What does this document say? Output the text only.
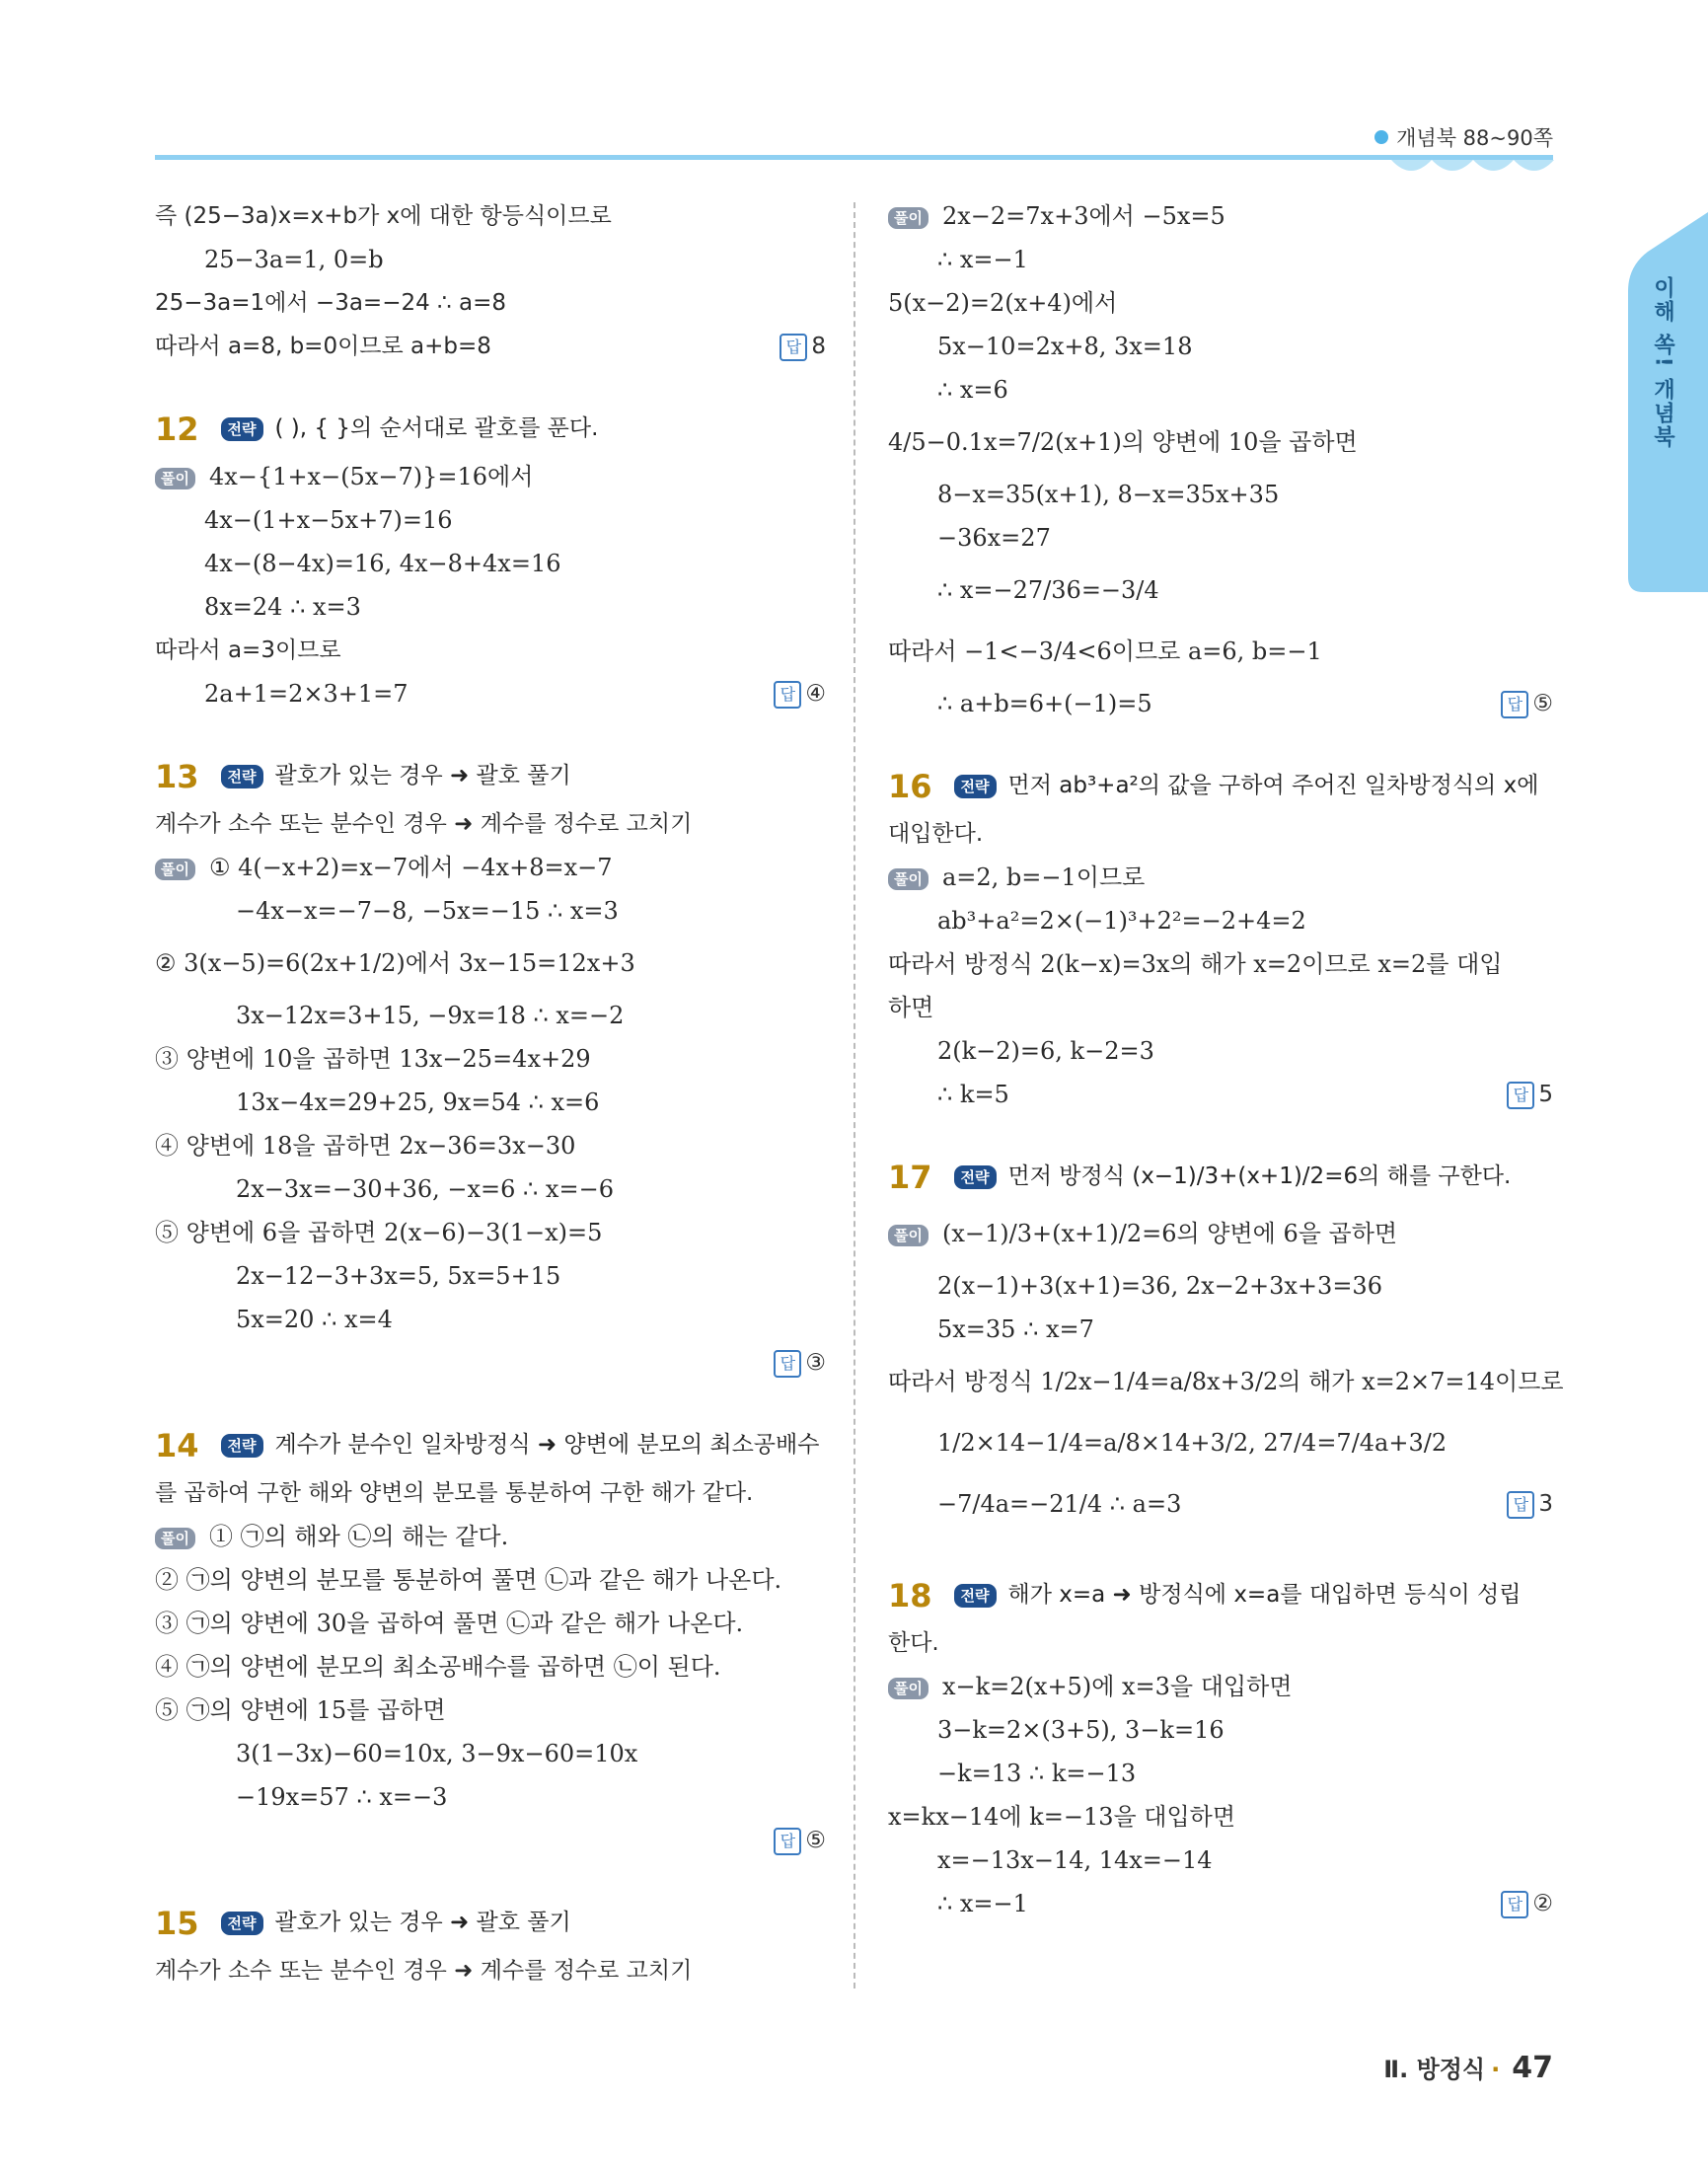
개념북 88~90쪽
이해 쏙! 개념북
즉 (25−3a)x=x+b가 x에 대한 항등식이므로
25−3a=1, 0=b
25−3a=1에서 −3a=−24 ∴ a=8
따라서 a=8, b=0이므로 a+b=8	답 8
12 전략 ( ), { }의 순서대로 괄호를 푼다.
풀이 4x−{1+x−(5x−7)}=16에서
4x−(1+x−5x+7)=16
4x−(8−4x)=16, 4x−8+4x=16
8x=24 ∴ x=3
따라서 a=3이므로
2a+1=2×3+1=7	답 ④
13 전략 괄호가 있는 경우 ➜ 괄호 풀기
계수가 소수 또는 분수인 경우 ➜ 계수를 정수로 고치기
풀이 ① 4(−x+2)=x−7에서 −4x+8=x−7
−4x−x=−7−8, −5x=−15 ∴ x=3
② 3(x−5)=6(2x+1/2)에서 3x−15=12x+3
3x−12x=3+15, −9x=18 ∴ x=−2
③ 양변에 10을 곱하면 13x−25=4x+29
13x−4x=29+25, 9x=54 ∴ x=6
④ 양변에 18을 곱하면 2x−36=3x−30
2x−3x=−30+36, −x=6 ∴ x=−6
⑤ 양변에 6을 곱하면 2(x−6)−3(1−x)=5
2x−12−3+3x=5, 5x=5+15
5x=20 ∴ x=4
답 ③
14 전략 계수가 분수인 일차방정식 ➜ 양변에 분모의 최소공배수
를 곱하여 구한 해와 양변의 분모를 통분하여 구한 해가 같다.
풀이 ① ㉠의 해와 ㉡의 해는 같다.
② ㉠의 양변의 분모를 통분하여 풀면 ㉡과 같은 해가 나온다.
③ ㉠의 양변에 30을 곱하여 풀면 ㉡과 같은 해가 나온다.
④ ㉠의 양변에 분모의 최소공배수를 곱하면 ㉡이 된다.
⑤ ㉠의 양변에 15를 곱하면
3(1−3x)−60=10x, 3−9x−60=10x
−19x=57 ∴ x=−3
답 ⑤
15 전략 괄호가 있는 경우 ➜ 괄호 풀기
계수가 소수 또는 분수인 경우 ➜ 계수를 정수로 고치기
풀이 2x−2=7x+3에서 −5x=5
∴ x=−1
5(x−2)=2(x+4)에서
5x−10=2x+8, 3x=18
∴ x=6
4/5−0.1x=7/2(x+1)의 양변에 10을 곱하면
8−x=35(x+1), 8−x=35x+35
−36x=27
∴ x=−27/36=−3/4
따라서 −1<−3/4<6이므로 a=6, b=−1
∴ a+b=6+(−1)=5	답 ⑤
16 전략 먼저 ab³+a²의 값을 구하여 주어진 일차방정식의 x에
대입한다.
풀이 a=2, b=−1이므로
ab³+a²=2×(−1)³+2²=−2+4=2
따라서 방정식 2(k−x)=3x의 해가 x=2이므로 x=2를 대입
하면
2(k−2)=6, k−2=3
∴ k=5	답 5
17 전략 먼저 방정식 (x−1)/3+(x+1)/2=6의 해를 구한다.
풀이 (x−1)/3+(x+1)/2=6의 양변에 6을 곱하면
2(x−1)+3(x+1)=36, 2x−2+3x+3=36
5x=35 ∴ x=7
따라서 방정식 1/2x−1/4=a/8x+3/2의 해가 x=2×7=14이므로
1/2×14−1/4=a/8×14+3/2, 27/4=7/4a+3/2
−7/4a=−21/4 ∴ a=3	답 3
18 전략 해가 x=a ➜ 방정식에 x=a를 대입하면 등식이 성립
한다.
풀이 x−k=2(x+5)에 x=3을 대입하면
3−k=2×(3+5), 3−k=16
−k=13 ∴ k=−13
x=kx−14에 k=−13을 대입하면
x=−13x−14, 14x=−14
∴ x=−1	답 ②
Ⅱ. 방정식 · 47
